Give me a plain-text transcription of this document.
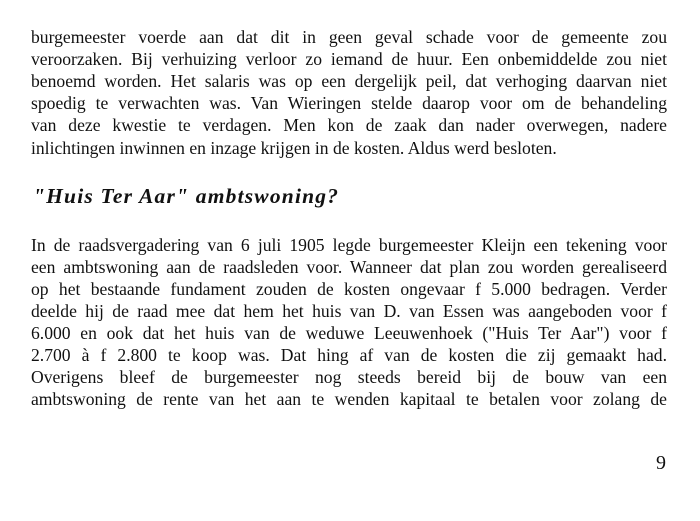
burgemeester voerde aan dat dit in geen geval schade voor de gemeente zou
veroorzaken. Bij verhuizing verloor zo iemand de huur. Een onbemiddelde zou niet
benoemd worden. Het salaris was op een dergelijk peil, dat verhoging daarvan niet
spoedig te verwachten was. Van Wieringen stelde daarop voor om de behandeling
van deze kwestie te verdagen. Men kon de zaak dan nader overwegen, nadere
inlichtingen inwinnen en inzage krijgen in de kosten. Aldus werd besloten.
"Huis Ter Aar" ambtswoning?
In de raadsvergadering van 6 juli 1905 legde burgemeester Kleijn een tekening voor
een ambtswoning aan de raadsleden voor. Wanneer dat plan zou worden gerealiseerd
op het bestaande fundament zouden de kosten ongevaar f 5.000 bedragen. Verder
deelde hij de raad mee dat hem het huis van D. van Essen was aangeboden voor f
6.000 en ook dat het huis van de weduwe Leeuwenhoek ("Huis Ter Aar") voor f
2.700 à f 2.800 te koop was. Dat hing af van de kosten die zij gemaakt had.
Overigens bleef de burgemeester nog steeds bereid bij de bouw van een
ambtswoning de rente van het aan te wenden kapitaal te betalen voor zolang de
9
